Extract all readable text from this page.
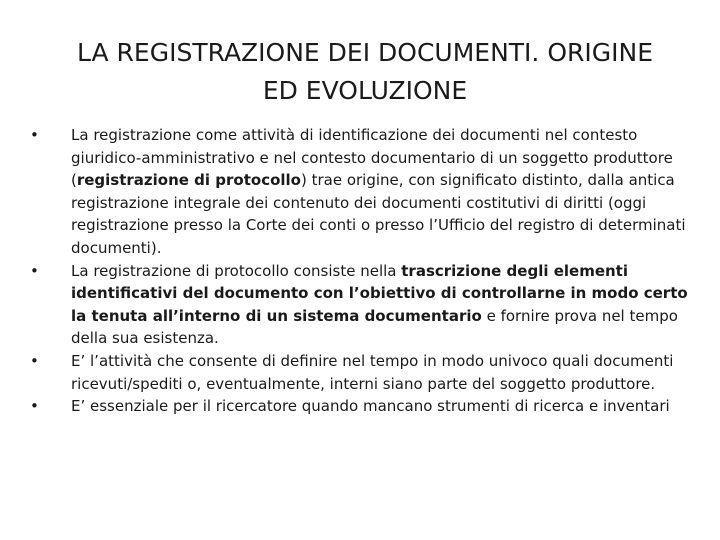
LA REGISTRAZIONE DEI DOCUMENTI. ORIGINE
ED EVOLUZIONE
•	La registrazione come attività di identificazione dei documenti nel contesto giuridico-amministrativo e nel contesto documentario di un soggetto produttore (registrazione di protocollo) trae origine, con significato distinto, dalla antica registrazione integrale dei contenuto dei documenti costitutivi di diritti (oggi registrazione presso la Corte dei conti o presso l’Ufficio del registro di determinati documenti).
•	La registrazione di protocollo consiste nella trascrizione degli elementi identificativi del documento con l’obiettivo di controllarne in modo certo la tenuta all’interno di un sistema documentario e fornire prova nel tempo della sua esistenza.
•	E’ l’attività che consente di definire nel tempo in modo univoco quali documenti ricevuti/spediti o, eventualmente, interni siano parte del soggetto produttore.
•	E’ essenziale per il ricercatore quando mancano strumenti di ricerca e inventari
